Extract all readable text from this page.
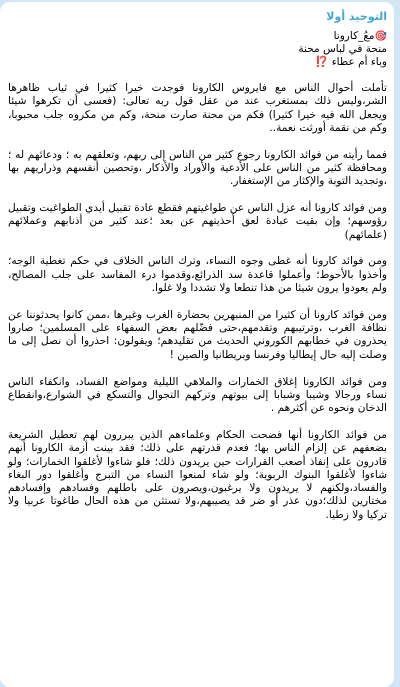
التوحيد أولا
🎯معُ_كارونا
منحة في لباس محنة
وباء أم عطاء ⁉️

تأملت أحوال الناس مع فايروس الكارونا فوجدت خيرا كثيرا في ثياب ظاهرها الشر،وليس ذلك بمستغرب عند من عقل قول ربه تعالى: (فعسى أن تكرهوا شيئا ويجعل الله فيه خيرا كثيرا) فكم من محنة صارت منحة، وكم من مكروه جلب محبوبا، وكم من نقمة أورثت نعمة..

فمما رأيته من فوائد الكارونا رجوع كثير من الناس إلى ربهم، وتعلقهم به ؛ ودعائهم له ؛ومحافظة كثير من الناس على الأدعية والأوراد والأذكار ،وتحصين أنفسهم وذراريهم بها ،وتجديد التوبة والإكثار من الإستغفار.

ومن فوائد كارونا أنه عزل الناس عن طواغيتهم فقطع عادة تقبيل أيدي الطواغيت وتقبيل رؤوسهم؛ وإن بقيت عبادة لعق أحذيتهم عن بعد ؛عند كثير من أذنابهم وعملائهم (علمائهم)

ومن فوائد كارونا أنه غطى وجوه النساء، وترك الناس الخلاف في حكم تغطية الوجه؛ وأخذوا بالأحوط؛ وأعملوا قاعدة سد الذرائع،وقدموا درء المفاسد على جلب المصالح، ولم يعودوا يرون شيئا من هذا تنطعا ولا تشددا ولا غلوا.

ومن فوائد كارونا أن كثيرا من المنبهرين بحضارة الغرب وغيرها ،ممن كانوا يحدثوننا عن نظافة الغرب ،وترتيبهم وتقدمهم،حتى فضّلهم بعض السفهاء على المسلمين؛ صاروا يحذرون في خطابهم الكوروني الحديث من تقليدهم؛ ويقولون: احذروا أن نصل إلى ما وصلت إليه حال إيطاليا وفرنسا وبريطانيا والصين !

ومن فوائد الكارونا إغلاق الخمارات والملاهي الليلية ومواضع الفساد، وانكفاء الناس نساء ورجالا وشيبا وشبابا إلى بيوتهم وتركهم التجوال والتسكع في الشوارع،وانقطاع الدخان ونحوه عن أكثرهم .

من فوائد الكارونا أنها فضحت الحكام وعلماءهم الذين يبررون لهم تعطيل الشريعة بضعفهم عن إلزام الناس بها؛ فعدم قدرتهم على ذلك؛ فقد بينت أزمة الكارونا أنهم قادرون على إنفاذ أصعب القرارات حين يريدون ذلك؛ فلو شاءوا لأغلقوا الخمارات؛ ولو شاءوا لأغلقوا البنوك الربوية؛ ولو شاء لمنعوا النساء من التبرج وأغلقوا دور البغاء والفساد،ولكنهم لا يريدون ولا يرغبون،ويصرون على باطلهم وفسادهم وإفسادهم مختارين لذلك؛دون عذر أو ضر قد يصيبهم،ولا تستثن من هذه الحال طاغوتا عربيا ولا تركيا ولا زطيا.
